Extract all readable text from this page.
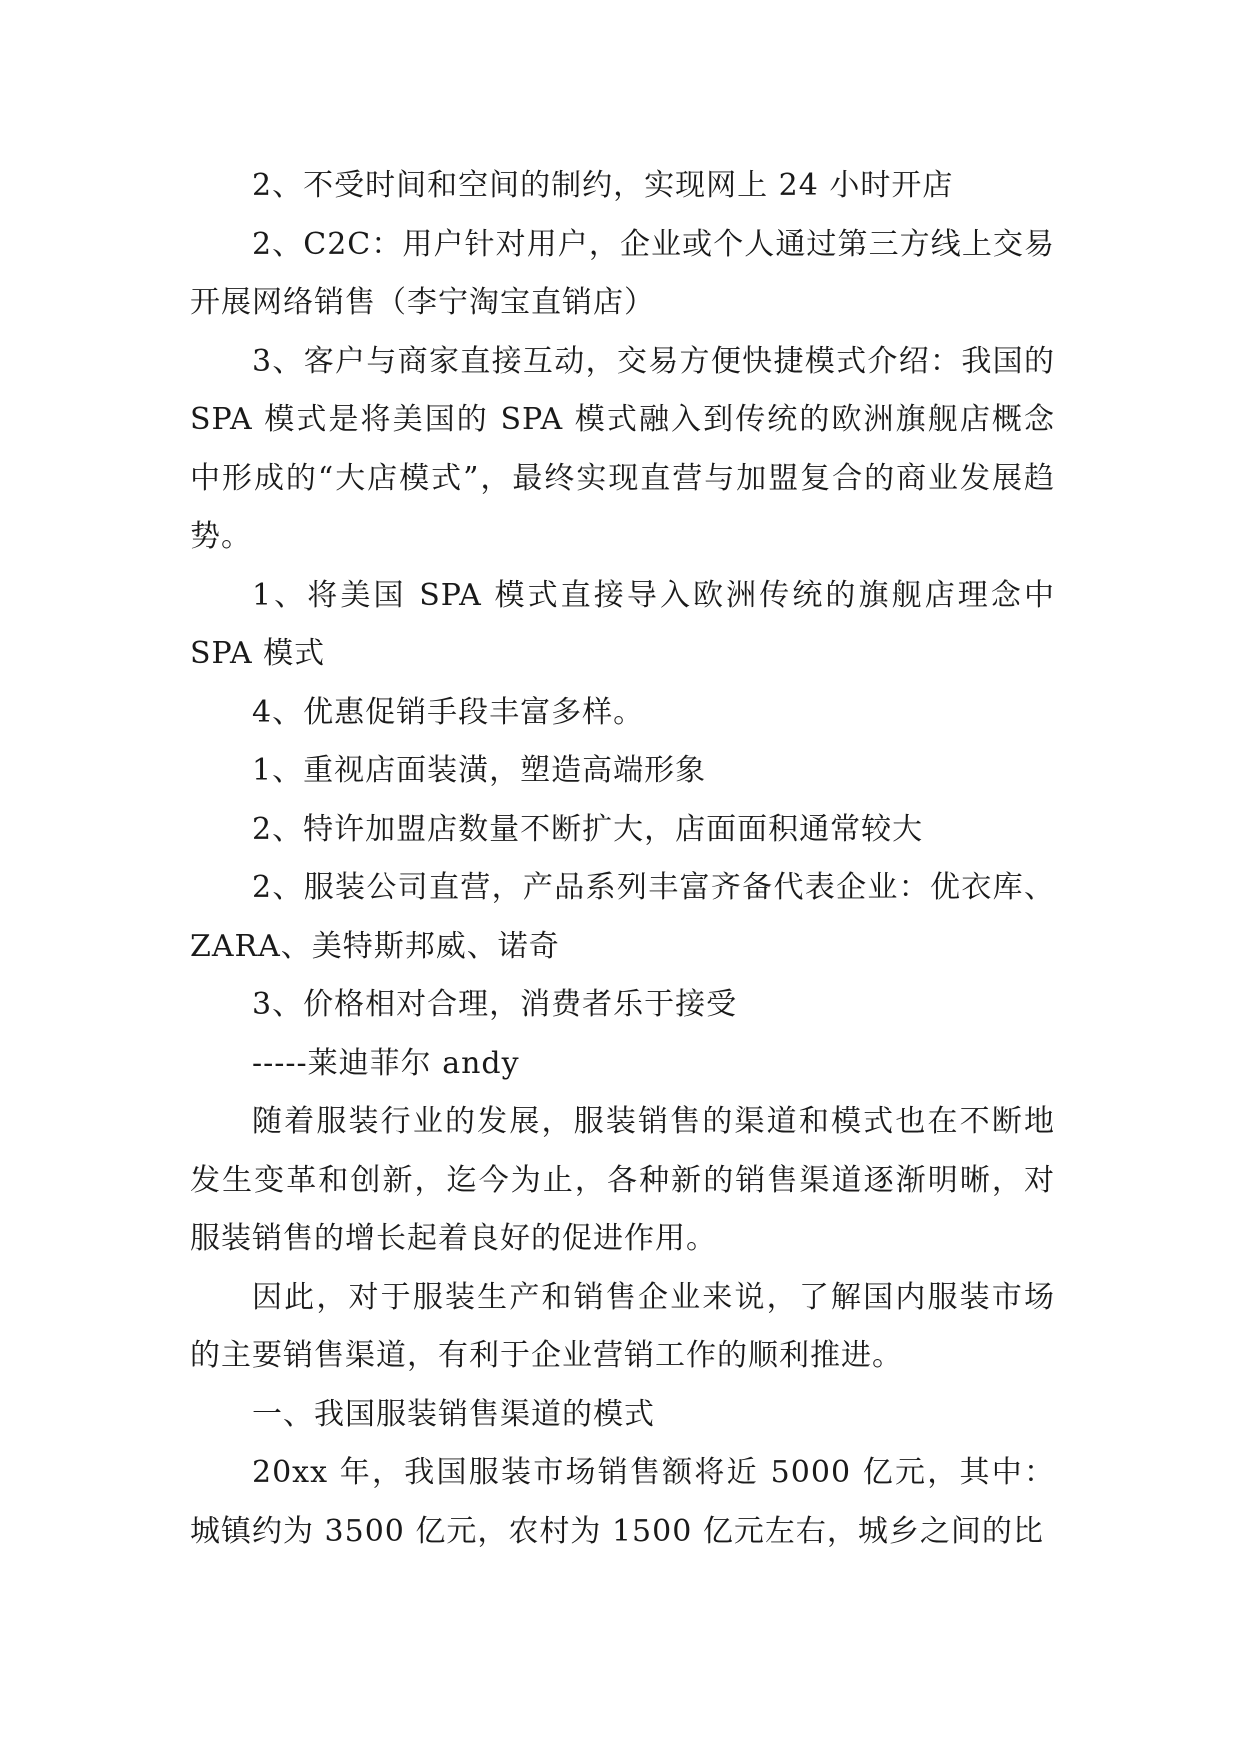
2、不受时间和空间的制约，实现网上 24 小时开店

2、C2C：用户针对用户，企业或个人通过第三方线上交易开展网络销售（李宁淘宝直销店）

3、客户与商家直接互动，交易方便快捷模式介绍：我国的 SPA 模式是将美国的 SPA 模式融入到传统的欧洲旗舰店概念中形成的“大店模式”，最终实现直营与加盟复合的商业发展趋势。

1、将美国 SPA 模式直接导入欧洲传统的旗舰店理念中 SPA 模式

4、优惠促销手段丰富多样。

1、重视店面装潢，塑造高端形象

2、特许加盟店数量不断扩大，店面面积通常较大

2、服装公司直营，产品系列丰富齐备代表企业：优衣库、ZARA、美特斯邦威、诺奇

3、价格相对合理，消费者乐于接受

-----莱迪菲尔 andy

随着服装行业的发展，服装销售的渠道和模式也在不断地发生变革和创新，迄今为止，各种新的销售渠道逐渐明晰，对服装销售的增长起着良好的促进作用。

因此，对于服装生产和销售企业来说，了解国内服装市场的主要销售渠道，有利于企业营销工作的顺利推进。

一、我国服装销售渠道的模式

20xx 年，我国服装市场销售额将近 5000 亿元，其中：城镇约为 3500 亿元，农村为 1500 亿元左右，城乡之间的比
